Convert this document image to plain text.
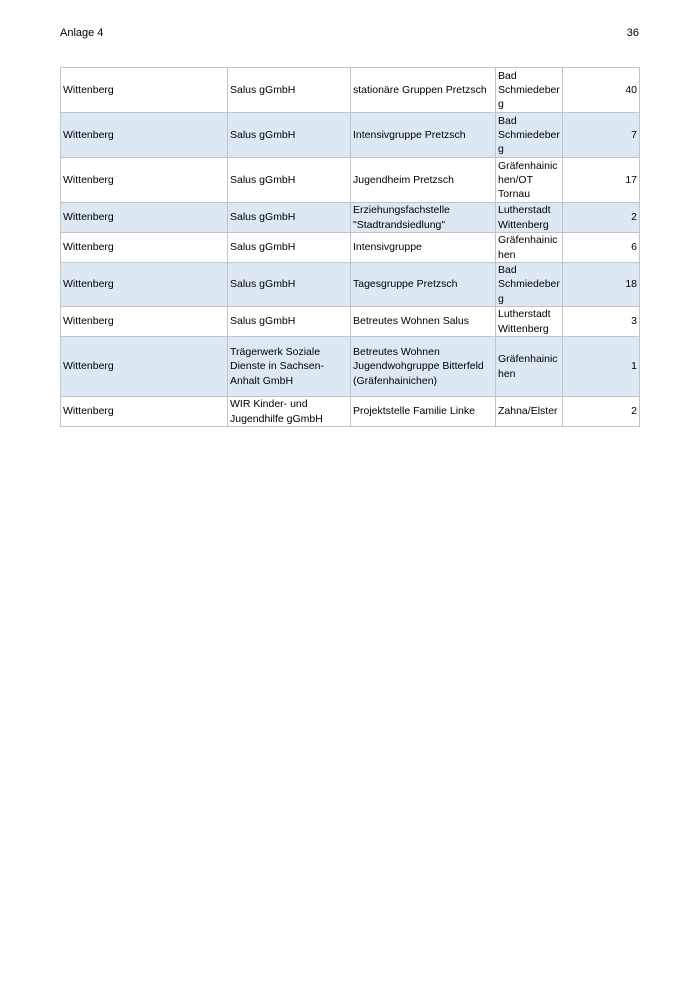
Anlage 4	36
Wittenberg	Salus gGmbH	stationäre Gruppen Pretzsch	Bad Schmiedeber g	40
Wittenberg	Salus gGmbH	Intensivgruppe Pretzsch	Bad Schmiedeber g	7
Wittenberg	Salus gGmbH	Jugendheim Pretzsch	Gräfenhainic hen/OT Tornau	17
Wittenberg	Salus gGmbH	Erziehungsfachstelle "Stadtrandsiedlung"	Lutherstadt Wittenberg	2
Wittenberg	Salus gGmbH	Intensivgruppe	Gräfenhainic hen	6
Wittenberg	Salus gGmbH	Tagesgruppe Pretzsch	Bad Schmiedeber g	18
Wittenberg	Salus gGmbH	Betreutes Wohnen Salus	Lutherstadt Wittenberg	3
Wittenberg	Trägerwerk Soziale Dienste in Sachsen-Anhalt GmbH	Betreutes Wohnen Jugendwohgruppe Bitterfeld (Gräfenhainichen)	Gräfenhainic hen	1
Wittenberg	WIR Kinder- und Jugendhilfe gGmbH	Projektstelle Familie Linke	Zahna/Elster	2
